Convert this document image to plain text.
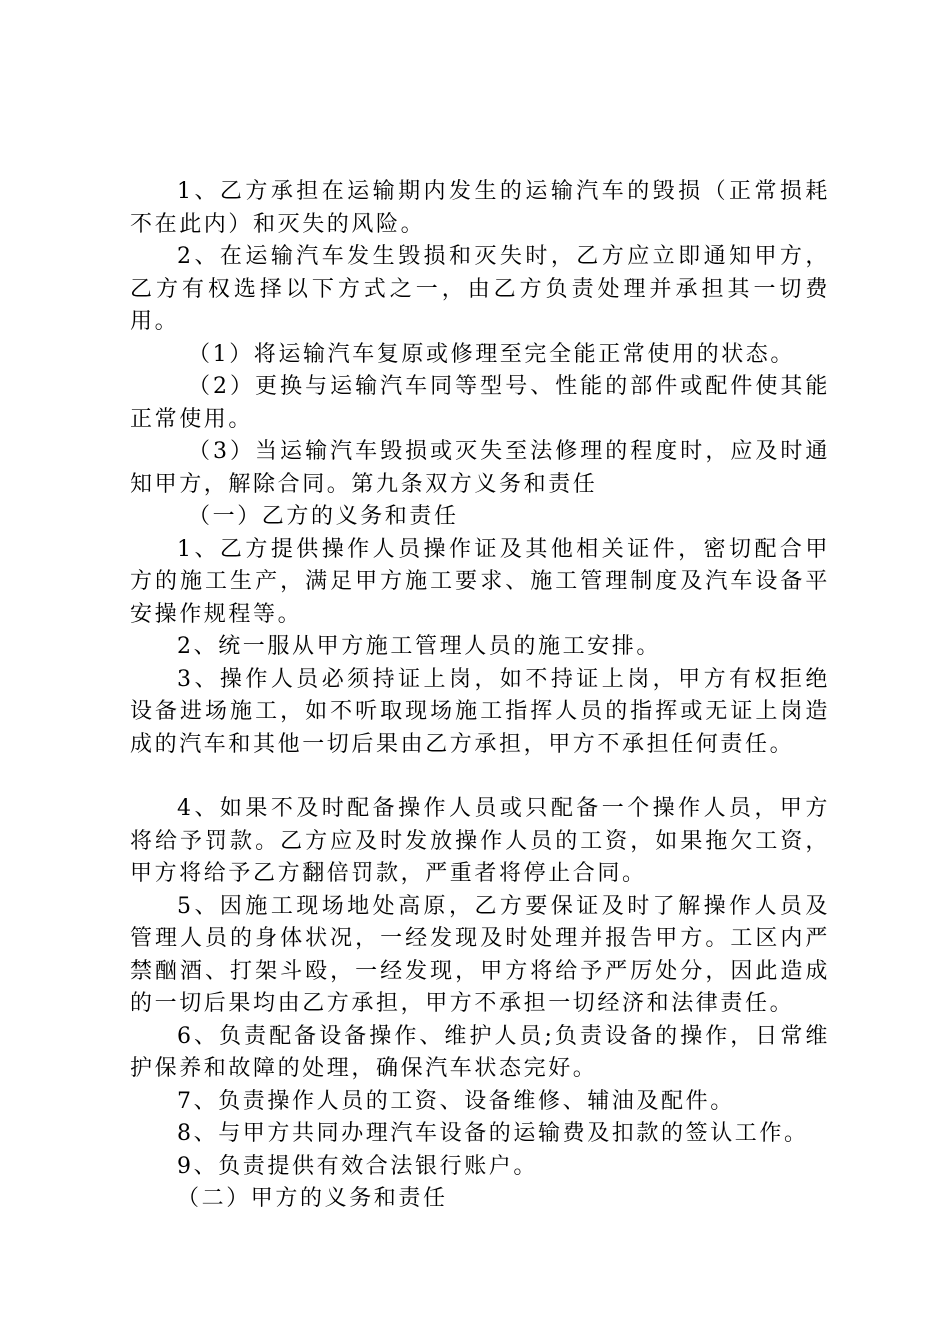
1、乙方承担在运输期内发生的运输汽车的毁损（正常损耗不在此内）和灭失的风险。

2、在运输汽车发生毁损和灭失时，乙方应立即通知甲方，乙方有权选择以下方式之一，由乙方负责处理并承担其一切费用。

（1）将运输汽车复原或修理至完全能正常使用的状态。

（2）更换与运输汽车同等型号、性能的部件或配件使其能正常使用。

（3）当运输汽车毁损或灭失至法修理的程度时，应及时通知甲方，解除合同。第九条双方义务和责任

（一）乙方的义务和责任

1、乙方提供操作人员操作证及其他相关证件，密切配合甲方的施工生产，满足甲方施工要求、施工管理制度及汽车设备平安操作规程等。

2、统一服从甲方施工管理人员的施工安排。

3、操作人员必须持证上岗，如不持证上岗，甲方有权拒绝设备进场施工，如不听取现场施工指挥人员的指挥或无证上岗造成的汽车和其他一切后果由乙方承担，甲方不承担任何责任。

4、如果不及时配备操作人员或只配备一个操作人员，甲方将给予罚款。乙方应及时发放操作人员的工资，如果拖欠工资，甲方将给予乙方翻倍罚款，严重者将停止合同。

5、因施工现场地处高原，乙方要保证及时了解操作人员及管理人员的身体状况，一经发现及时处理并报告甲方。工区内严禁酗酒、打架斗殴，一经发现，甲方将给予严厉处分，因此造成的一切后果均由乙方承担，甲方不承担一切经济和法律责任。

6、负责配备设备操作、维护人员;负责设备的操作，日常维护保养和故障的处理，确保汽车状态完好。

7、负责操作人员的工资、设备维修、辅油及配件。

8、与甲方共同办理汽车设备的运输费及扣款的签认工作。

9、负责提供有效合法银行账户。

（二）甲方的义务和责任
